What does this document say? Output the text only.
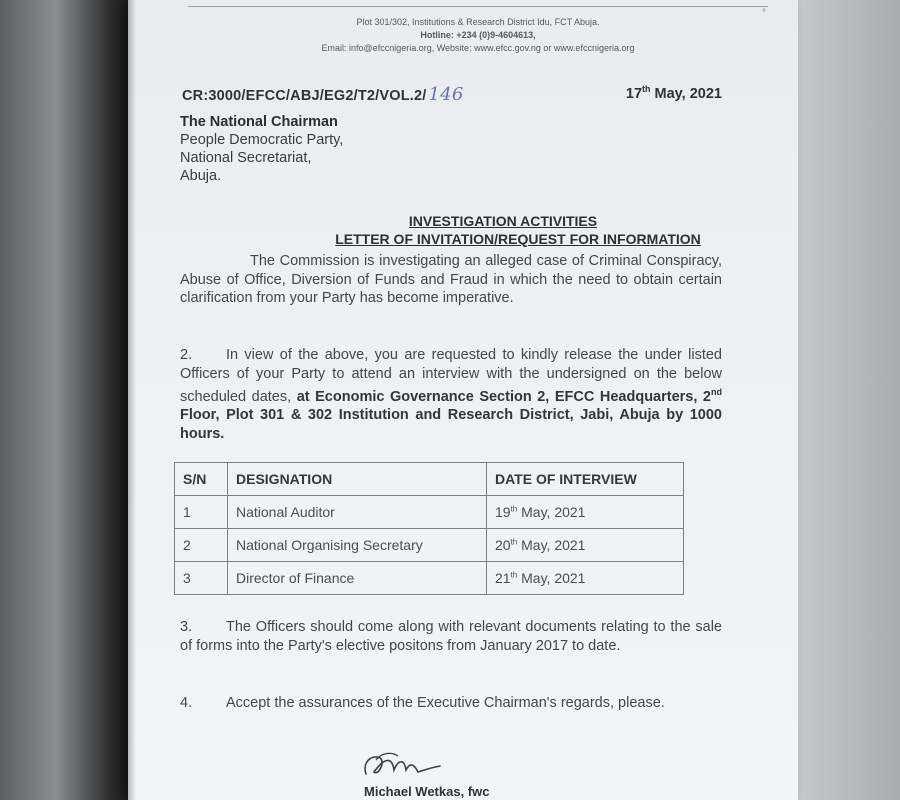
°
Plot 301/302, Institutions & Research District Idu, FCT Abuja.
Hotline: +234 (0)9-4604613,
Email: info@efccnigeria.org, Website: www.efcc.gov.ng or www.efccnigeria.org
CR:3000/EFCC/ABJ/EG2/T2/VOL.2/ 146	17th May, 2021
The National Chairman
People Democratic Party,
National Secretariat,
Abuja.
INVESTIGATION ACTIVITIES
LETTER OF INVITATION/REQUEST FOR INFORMATION
The Commission is investigating an alleged case of Criminal Conspiracy, Abuse of Office, Diversion of Funds and Fraud in which the need to obtain certain clarification from your Party has become imperative.
2. In view of the above, you are requested to kindly release the under listed Officers of your Party to attend an interview with the undersigned on the below scheduled dates, at Economic Governance Section 2, EFCC Headquarters, 2nd Floor, Plot 301 & 302 Institution and Research District, Jabi, Abuja by 1000 hours.
S/N	DESIGNATION	DATE OF INTERVIEW
1	National Auditor	19th May, 2021
2	National Organising Secretary	20th May, 2021
3	Director of Finance	21th May, 2021
3. The Officers should come along with relevant documents relating to the sale of forms into the Party's elective positons from January 2017 to date.
4. Accept the assurances of the Executive Chairman's regards, please.
Michael Wetkas, fwc
